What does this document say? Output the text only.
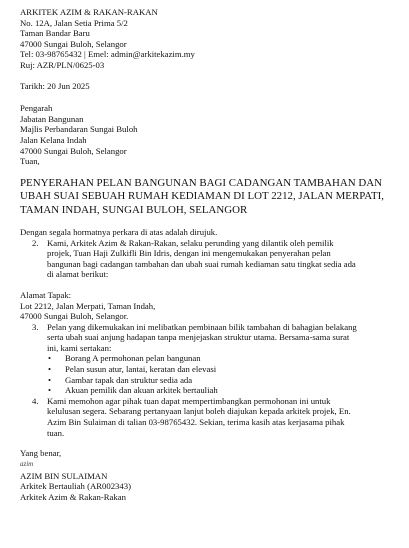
ARKITEK AZIM & RAKAN-RAKAN
No. 12A, Jalan Setia Prima 5/2
Taman Bandar Baru
47000 Sungai Buloh, Selangor
Tel: 03-98765432 | Emel: admin@arkitekazim.my
Ruj: AZR/PLN/0625-03
Tarikh: 20 Jun 2025
Pengarah
Jabatan Bangunan
Majlis Perbandaran Sungai Buloh
Jalan Kelana Indah
47000 Sungai Buloh, Selangor
Tuan,
PENYERAHAN PELAN BANGUNAN BAGI CADANGAN TAMBAHAN DAN
UBAH SUAI SEBUAH RUMAH KEDIAMAN DI LOT 2212, JALAN MERPATI,
TAMAN INDAH, SUNGAI BULOH, SELANGOR
Dengan segala hormatnya perkara di atas adalah dirujuk.
2. Kami, Arkitek Azim & Rakan-Rakan, selaku perunding yang dilantik oleh pemilik
projek, Tuan Haji Zulkifli Bin Idris, dengan ini mengemukakan penyerahan pelan
bangunan bagi cadangan tambahan dan ubah suai rumah kediaman satu tingkat sedia ada
di alamat berikut:
Alamat Tapak:
Lot 2212, Jalan Merpati, Taman Indah,
47000 Sungai Buloh, Selangor.
3. Pelan yang dikemukakan ini melibatkan pembinaan bilik tambahan di bahagian belakang
serta ubah suai anjung hadapan tanpa menjejaskan struktur utama. Bersama-sama surat
ini, kami sertakan:
• Borang A permohonan pelan bangunan
• Pelan susun atur, lantai, keratan dan elevasi
• Gambar tapak dan struktur sedia ada
• Akuan pemilik dan akuan arkitek bertauliah
4. Kami memohon agar pihak tuan dapat mempertimbangkan permohonan ini untuk
kelulusan segera. Sebarang pertanyaan lanjut boleh diajukan kepada arkitek projek, En.
Azim Bin Sulaiman di talian 03-98765432. Sekian, terima kasih atas kerjasama pihak
tuan.
Yang benar,
azim
AZIM BIN SULAIMAN
Arkitek Bertauliah (AR002343)
Arkitek Azim & Rakan-Rakan
